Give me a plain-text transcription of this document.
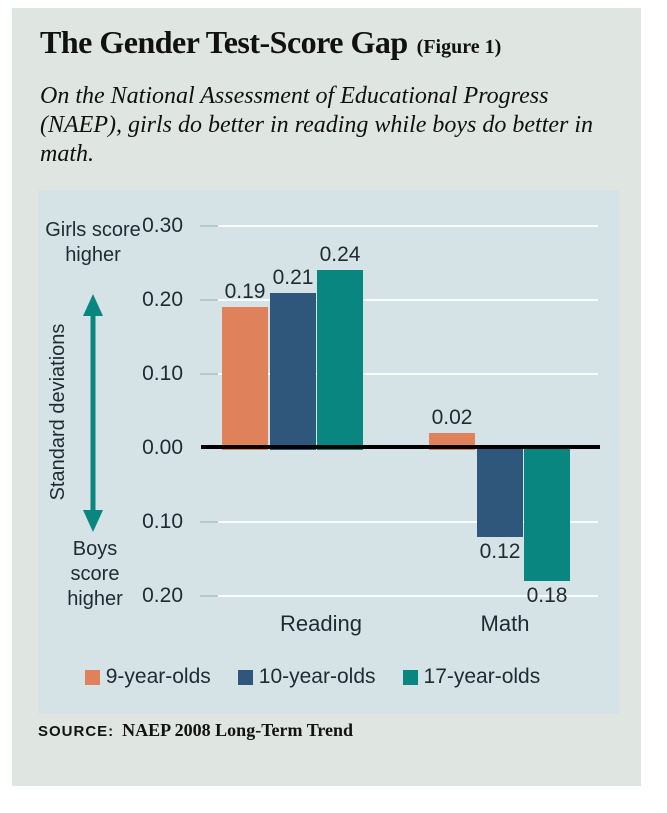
The Gender Test-Score Gap (Figure 1)

On the National Assessment of Educational Progress (NAEP), girls do better in reading while boys do better in math.

Girls score higher
Standard deviations
Boys score higher
9-year-olds 10-year-olds 17-year-olds
0.30
0.20
0.10
0.00
0.10
0.20
0.19
0.21
0.24
Reading
0.02
0.12
0.18
Math
SOURCE: NAEP 2008 Long-Term Trend
